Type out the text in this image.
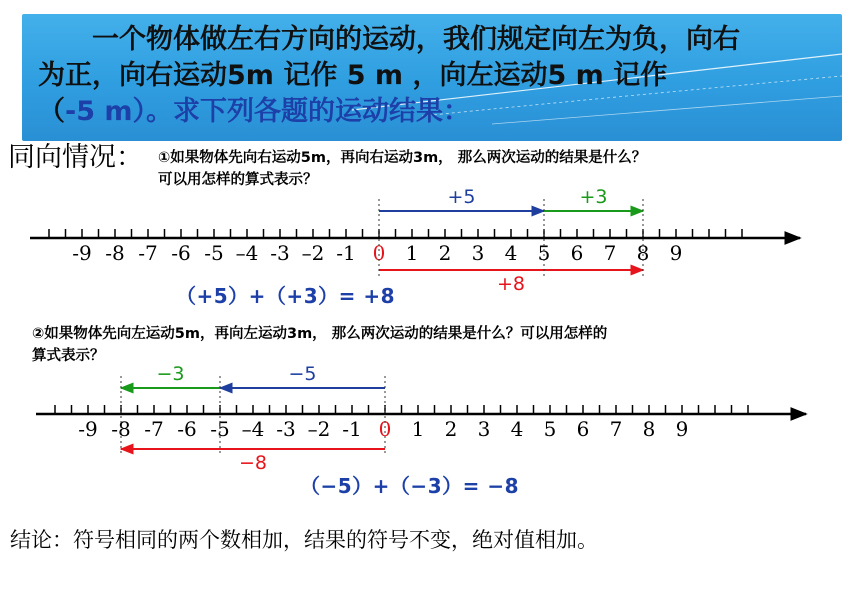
一个物体做左右方向的运动，我们规定向左为负，向右
为正，向右运动5m 记作 5 m ，向左运动5 m 记作
（-5 m）。求下列各题的运动结果：

同向情况： ①如果物体先向右运动5m，再向右运动3m， 那么两次运动的结果是什么？
可以用怎样的算式表示？
②如果物体先向左运动5m，再向左运动3m， 那么两次运动的结果是什么？可以用怎样的
算式表示？
-9 -8 -7 -6 -5 –4 -3 –2 -1 0 1 2 3 4 5 6 7 8 9
+5	+3
+8
-9 -8 -7 -6 -5 –4 -3 –2 -1 0 1 2 3 4 5 6 7 8 9
−5
−3
−8
（+5）+（+3）= +8
（−5）+（−3）= −8
结论：符号相同的两个数相加，结果的符号不变，绝对值相加。
